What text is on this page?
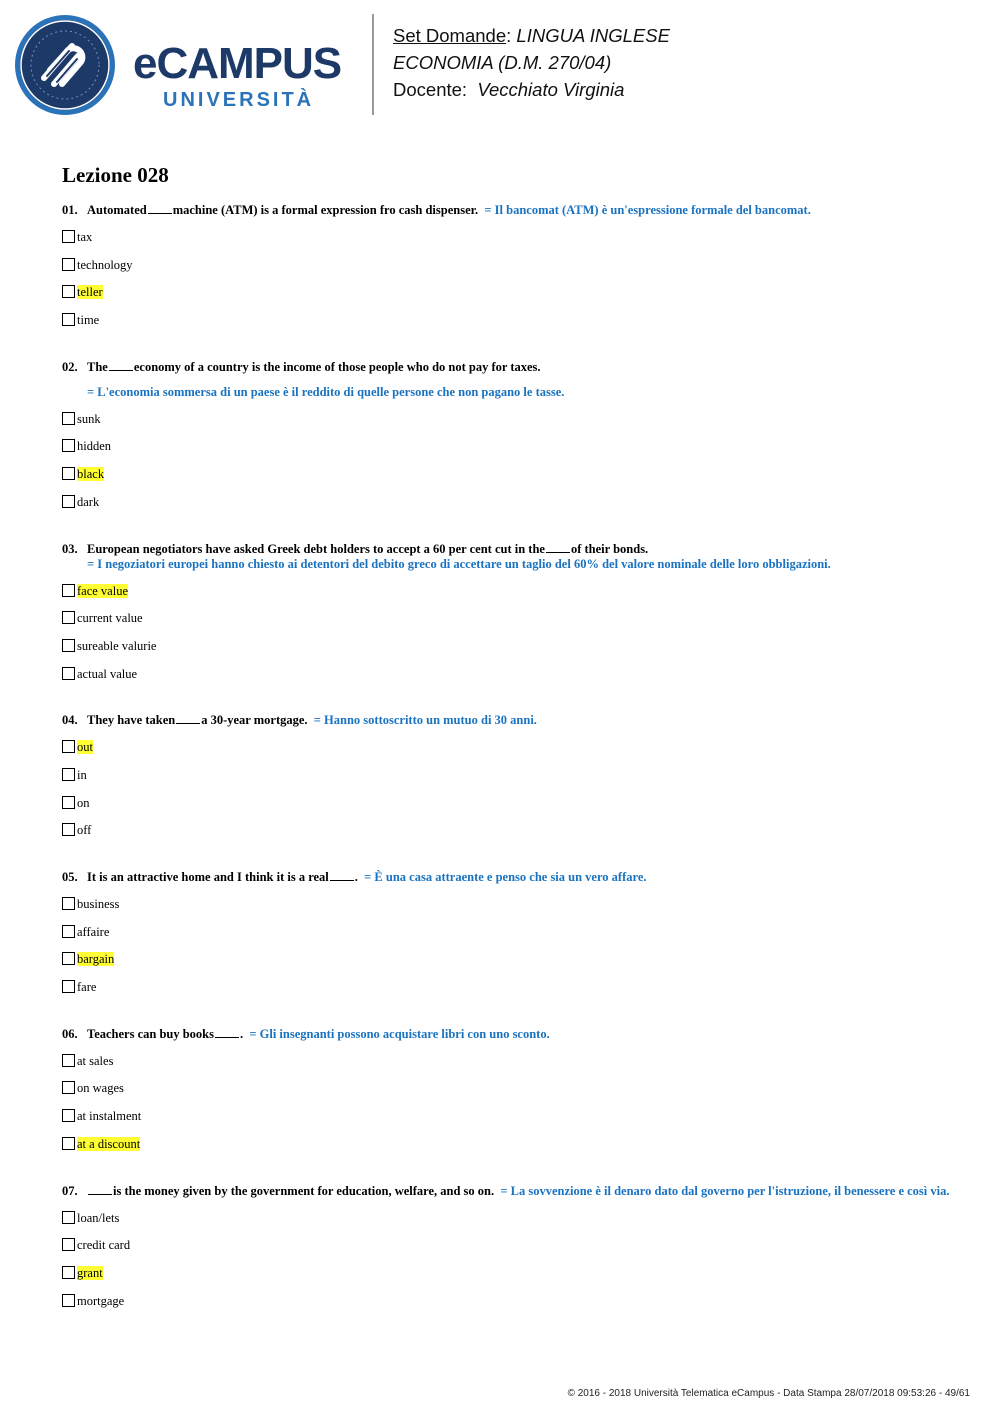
eCAMPUS
UNIVERSITÀ
Set Domande: LINGUA INGLESE
ECONOMIA (D.M. 270/04)
Docente: Vecchiato Virginia
Lezione 028
01. Automated machine (ATM) is a formal expression fro cash dispenser. = Il bancomat (ATM) è un'espressione formale del bancomat.
tax
technology
teller
time
02. The economy of a country is the income of those people who do not pay for taxes.
= L'economia sommersa di un paese è il reddito di quelle persone che non pagano le tasse.
sunk
hidden
black
dark
03. European negotiators have asked Greek debt holders to accept a 60 per cent cut in the of their bonds.
= I negoziatori europei hanno chiesto ai detentori del debito greco di accettare un taglio del 60% del valore nominale delle loro obbligazioni.
face value
current value
sureable valurie
actual value
04. They have taken a 30-year mortgage. = Hanno sottoscritto un mutuo di 30 anni.
out
in
on
off
05. It is an attractive home and I think it is a real . = È una casa attraente e penso che sia un vero affare.
business
affaire
bargain
fare
06. Teachers can buy books . = Gli insegnanti possono acquistare libri con uno sconto.
at sales
on wages
at instalment
at a discount
07.	is the money given by the government for education, welfare, and so on. = La sovvenzione è il denaro dato dal governo per l'istruzione, il benessere e così via.
loan/lets
credit card
grant
mortgage
© 2016 - 2018 Università Telematica eCampus - Data Stampa 28/07/2018 09:53:26 - 49/61
